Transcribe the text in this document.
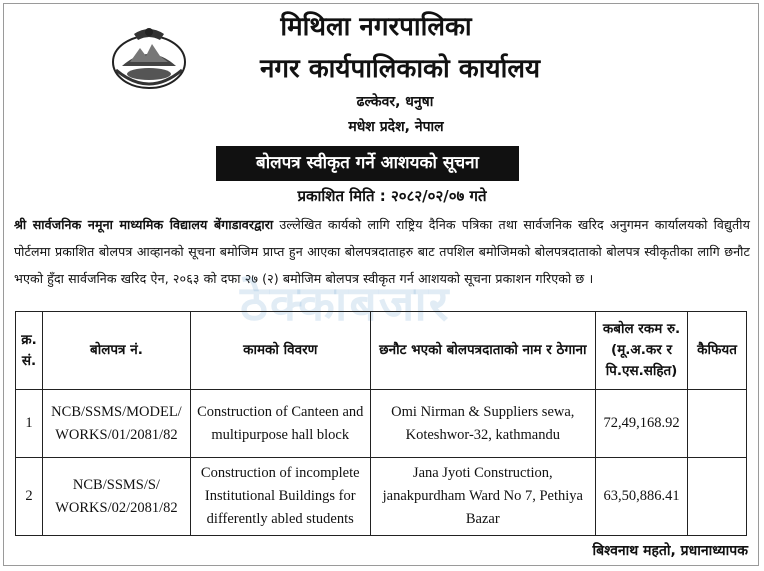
मिथिला नगरपालिका
नगर कार्यपालिकाको कार्यालय
ढल्केवर, धनुषा
मधेश प्रदेश, नेपाल
बोलपत्र स्वीकृत गर्ने आशयको सूचना
प्रकाशित मिति : २०८२/०२/०७ गते
श्री सार्वजनिक नमूना माध्यमिक विद्यालय बेंगाडावरद्वारा उल्लेखित कार्यको लागि राष्ट्रिय दैनिक पत्रिका तथा सार्वजनिक खरिद अनुगमन कार्यालयको विद्युतीय पोर्टलमा प्रकाशित बोलपत्र आव्हानको सूचना बमोजिम प्राप्त हुन आएका बोलपत्रदाताहरु बाट तपशिल बमोजिमको बोलपत्रदाताको बोलपत्र स्वीकृतीका लागि छनौट भएको हुँदा सार्वजनिक खरिद ऐन, २०६३ को दफा २७ (२) बमोजिम बोलपत्र स्वीकृत गर्न आशयको सूचना प्रकाशन गरिएको छ ।
ठेक्काबजार
क्र. सं.	बोलपत्र नं.	कामको विवरण	छनौट भएको बोलपत्रदाताको नाम र ठेगाना	कबोल रकम रु.(मू.अ.कर र पि.एस.सहित)	कैफियत
1	NCB/SSMS/MODEL/ WORKS/01/2081/82	Construction of Canteen and multipurpose hall block	Omi Nirman & Suppliers sewa, Koteshwor-32, kathmandu	72,49,168.92	
2	NCB/SSMS/S/ WORKS/02/2081/82	Construction of incomplete Institutional Buildings for differently abled students	Jana Jyoti Construction, janakpurdham Ward No 7, Pethiya Bazar	63,50,886.41	
बिश्वनाथ महतो, प्रधानाध्यापक
